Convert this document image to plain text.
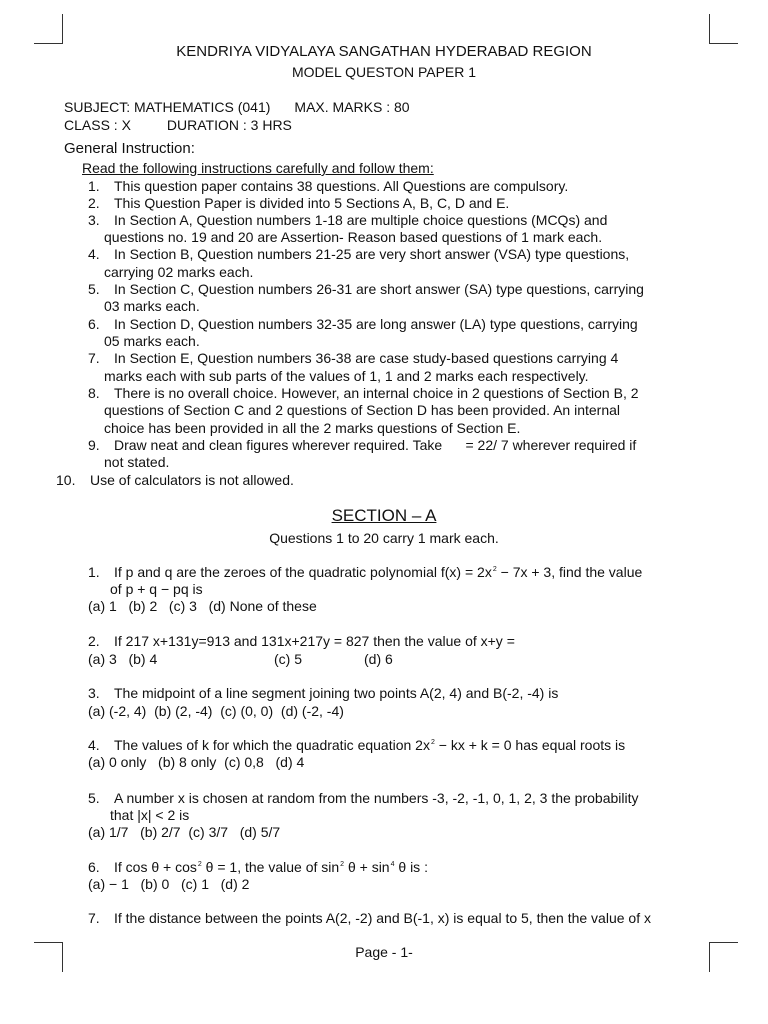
KENDRIYA VIDYALAYA SANGATHAN HYDERABAD REGION
MODEL QUESTON PAPER 1
SUBJECT: MATHEMATICS (041) MAX. MARKS : 80
CLASS : X	DURATION : 3 HRS
General Instruction:
Read the following instructions carefully and follow them:
1. This question paper contains 38 questions. All Questions are compulsory.
2. This Question Paper is divided into 5 Sections A, B, C, D and E.
3. In Section A, Question numbers 1-18 are multiple choice questions (MCQs) and
questions no. 19 and 20 are Assertion- Reason based questions of 1 mark each.
4. In Section B, Question numbers 21-25 are very short answer (VSA) type questions,
carrying 02 marks each.
5. In Section C, Question numbers 26-31 are short answer (SA) type questions, carrying
03 marks each.
6. In Section D, Question numbers 32-35 are long answer (LA) type questions, carrying
05 marks each.
7. In Section E, Question numbers 36-38 are case study-based questions carrying 4
marks each with sub parts of the values of 1, 1 and 2 marks each respectively.
8. There is no overall choice. However, an internal choice in 2 questions of Section B, 2
questions of Section C and 2 questions of Section D has been provided. An internal
choice has been provided in all the 2 marks questions of Section E.
9. Draw neat and clean figures wherever required. Take      = 22/ 7 wherever required if
not stated.
10. Use of calculators is not allowed.
SECTION – A
Questions 1 to 20 carry 1 mark each.
1. If p and q are the zeroes of the quadratic polynomial $f(x) = 2x^2 - 7x + 3$, find the value
of p + q − pq is
(a) 1   (b) 2   (c) 3   (d) None of these
2. If 217 x+131y=913 and 131x+217y = 827 then the value of x+y =
(a) 3   (b) 4	(c) 5	(d) 6
3. The midpoint of a line segment joining two points A(2, 4) and B(-2, -4) is
(a) (-2, 4)  (b) (2, -4)  (c) (0, 0)  (d) (-2, -4)
4. The values of k for which the quadratic equation $2x^2$ − kx + k = 0 has equal roots is
(a) 0 only   (b) 8 only  (c) 0,8   (d) 4
5. A number x is chosen at random from the numbers -3, -2, -1, 0, 1, 2, 3 the probability
that |x| < 2 is
(a) 1/7   (b) 2/7  (c) 3/7   (d) 5/7
6. If $\cos \theta + \cos^2 \theta = 1$, the value of $\sin^2 \theta + \sin^4 \theta$ is :
(a) − 1   (b) 0   (c) 1   (d) 2
7. If the distance between the points A(2, -2) and B(-1, x) is equal to 5, then the value of x
Page - 1-
